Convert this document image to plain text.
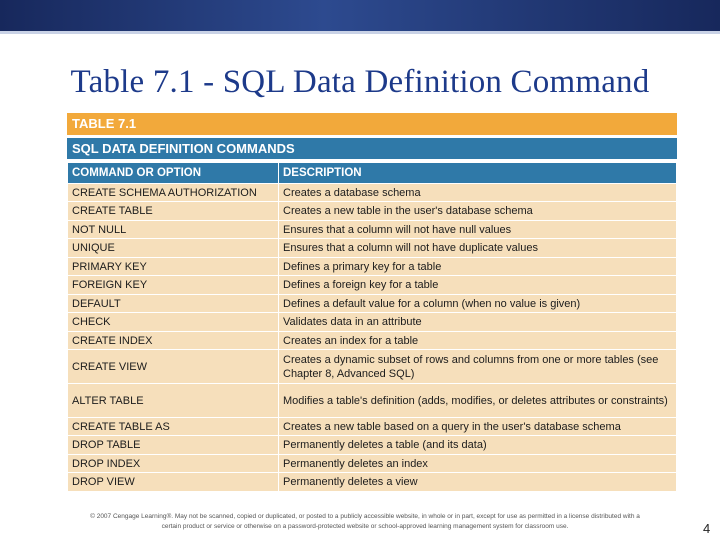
Table 7.1 - SQL Data Definition Command
TABLE 7.1
SQL DATA DEFINITION COMMANDS
COMMAND OR OPTION	DESCRIPTION
CREATE SCHEMA AUTHORIZATION	Creates a database schema
CREATE TABLE	Creates a new table in the user's database schema
NOT NULL	Ensures that a column will not have null values
UNIQUE	Ensures that a column will not have duplicate values
PRIMARY KEY	Defines a primary key for a table
FOREIGN KEY	Defines a foreign key for a table
DEFAULT	Defines a default value for a column (when no value is given)
CHECK	Validates data in an attribute
CREATE INDEX	Creates an index for a table
CREATE VIEW	Creates a dynamic subset of rows and columns from one or more tables (see Chapter 8, Advanced SQL)
ALTER TABLE	Modifies a table's definition (adds, modifies, or deletes attributes or constraints)
CREATE TABLE AS	Creates a new table based on a query in the user's database schema
DROP TABLE	Permanently deletes a table (and its data)
DROP INDEX	Permanently deletes an index
DROP VIEW	Permanently deletes a view
© 2007 Cengage Learning®. May not be scanned, copied or duplicated, or posted to a publicly accessible website, in whole or in part, except for use as permitted in a license distributed with a
certain product or service or otherwise on a password-protected website or school-approved learning management system for classroom use.	4
